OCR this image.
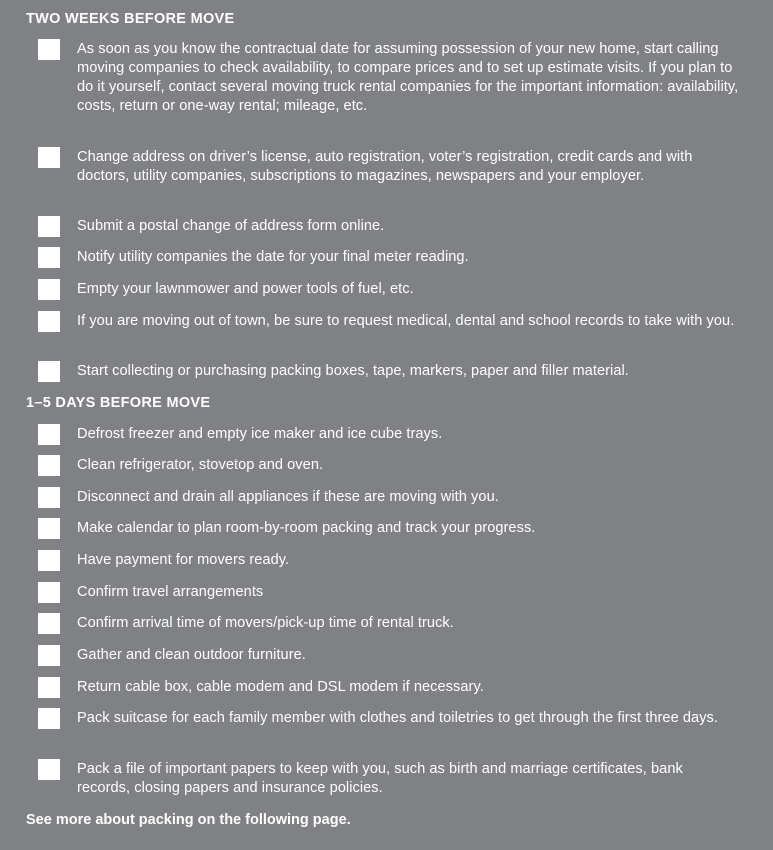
TWO WEEKS BEFORE MOVE
As soon as you know the contractual date for assuming possession of your new home, start calling moving companies to check availability, to compare prices and to set up estimate visits. If you plan to do it yourself, contact several moving truck rental companies for the important information: availability, costs, return or one-way rental; mileage, etc.
Change address on driver’s license, auto registration, voter’s registration, credit cards and with doctors, utility companies, subscriptions to magazines, newspapers and your employer.
Submit a postal change of address form online.
Notify utility companies the date for your final meter reading.
Empty your lawnmower and power tools of fuel, etc.
If you are moving out of town, be sure to request medical, dental and school records to take with you.
Start collecting or purchasing packing boxes, tape, markers, paper and filler material.
1–5 DAYS BEFORE MOVE
Defrost freezer and empty ice maker and ice cube trays.
Clean refrigerator, stovetop and oven.
Disconnect and drain all appliances if these are moving with you.
Make calendar to plan room-by-room packing and track your progress.
Have payment for movers ready.
Confirm travel arrangements
Confirm arrival time of movers/pick-up time of rental truck.
Gather and clean outdoor furniture.
Return cable box, cable modem and DSL modem if necessary.
Pack suitcase for each family member with clothes and toiletries to get through the first three days.
Pack a file of important papers to keep with you, such as birth and marriage certificates, bank records, closing papers and insurance policies.
See more about packing on the following page.
